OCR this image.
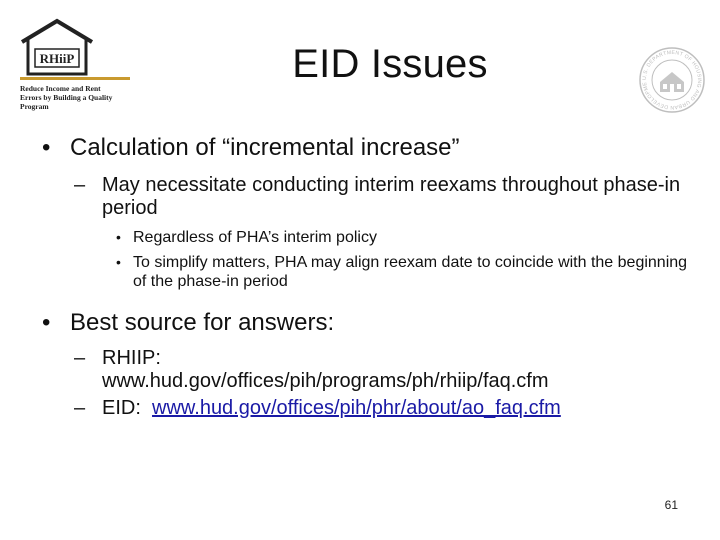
RHiiP
Reduce Income and Rent
Errors by Building a Quality
Program
U.S. DEPARTMENT OF HOUSING AND URBAN DEVELOPME
EID Issues
• Calculation of “incremental increase”
– May necessitate conducting interim reexams throughout phase-in period
• Regardless of PHA’s interim policy
• To simplify matters, PHA may align reexam date to coincide with the beginning of the phase-in period
• Best source for answers:
– RHIIP:
www.hud.gov/offices/pih/programs/ph/rhiip/faq.cfm
– EID: www.hud.gov/offices/pih/phr/about/ao_faq.cfm
61
